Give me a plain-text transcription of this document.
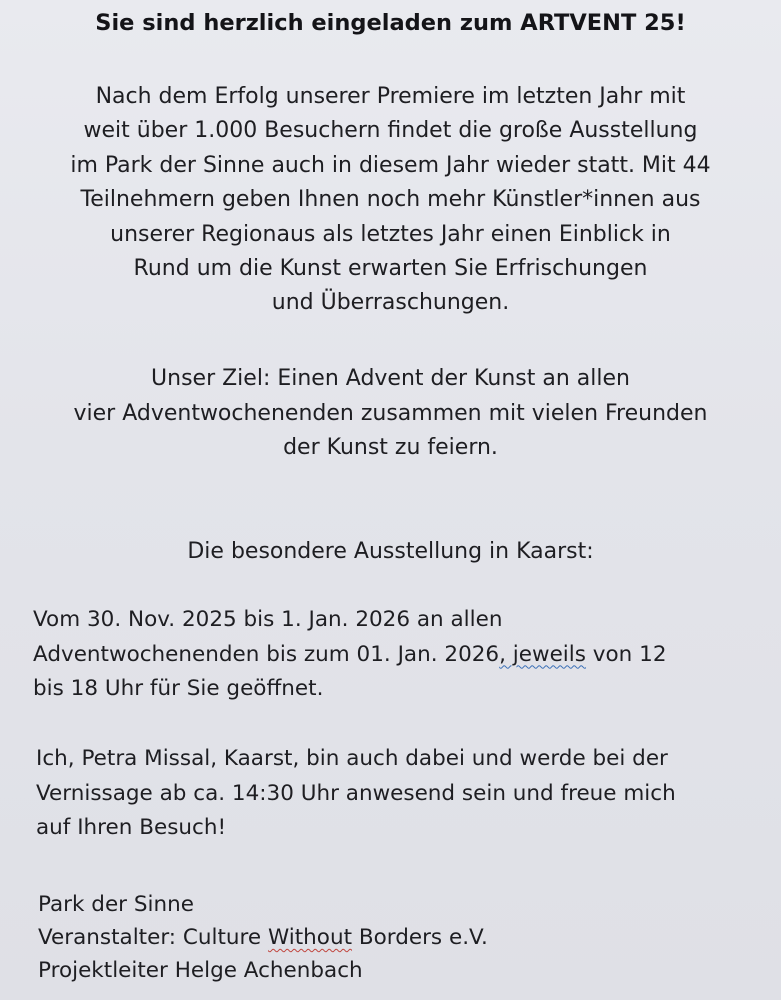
Sie sind herzlich eingeladen zum ARTVENT 25!
Nach dem Erfolg unserer Premiere im letzten Jahr mit
weit über 1.000 Besuchern findet die große Ausstellung
im Park der Sinne auch in diesem Jahr wieder statt. Mit 44
Teilnehmern geben Ihnen noch mehr Künstler*innen aus
unserer Regionaus als letztes Jahr einen Einblick in
Rund um die Kunst erwarten Sie Erfrischungen
und Überraschungen.
Unser Ziel: Einen Advent der Kunst an allen
vier Adventwochenenden zusammen mit vielen Freunden
der Kunst zu feiern.
Die besondere Ausstellung in Kaarst:
Vom 30. Nov. 2025 bis 1. Jan. 2026 an allen
Adventwochenenden bis zum 01. Jan. 2026, jeweils von 12
bis 18 Uhr für Sie geöffnet.
Ich, Petra Missal, Kaarst, bin auch dabei und werde bei der
Vernissage ab ca. 14:30 Uhr anwesend sein und freue mich
auf Ihren Besuch!
Park der Sinne
Veranstalter: Culture Without Borders e.V.
Projektleiter Helge Achenbach
